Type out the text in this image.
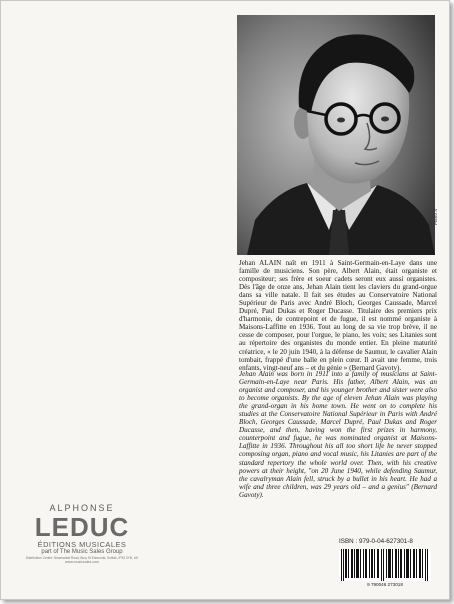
Photo X

Jehan ALAIN naît en 1911 à Saint-Germain-en-Laye dans une famille de musiciens. Son père, Albert Alain, était organiste et compositeur; ses frère et soeur cadets seront eux aussi organistes. Dès l'âge de onze ans, Jehan Alain tient les claviers du grand-orgue dans sa ville natale. Il fait ses études au Conservatoire National Supérieur de Paris avec André Bloch, Georges Caussade, Marcel Dupré, Paul Dukas et Roger Ducasse. Titulaire des premiers prix d'harmonie, de contrepoint et de fugue, il est nommé organiste à Maisons-Laffitte en 1936. Tout au long de sa vie trop brève, il ne cesse de composer, pour l'orgue, le piano, les voix; ses Litanies sont au répertoire des organistes du monde entier. En pleine maturité créatrice, « le 20 juin 1940, à la défense de Saumur, le cavalier Alain tombait, frappé d'une balle en plein cœur. Il avait une femme, trois enfants, vingt-neuf ans – et du génie » (Bernard Gavoty).

Jehan Alain was born in 1911 into a family of musicians at Saint-Germain-en-Laye near Paris. His father, Albert Alain, was an organist and composer, and his younger brother and sister were also to become organists. By the age of eleven Jehan Alain was playing the grand-organ in his home town. He went on to complete his studies at the Conservatoire National Supérieur in Paris with André Bloch, Georges Caussade, Marcel Dupré, Paul Dukas and Roger Ducasse, and then, having won the first prizes in harmony, counterpoint and fugue, he was nominated organist at Maisons-Laffitte in 1936. Throughout his all too short life he never stopped composing organ, piano and vocal music, his Litanies are part of the standard repertory the whole world over. Then, with his creative powers at their height, "on 20 June 1940, while defending Saumur, the cavalryman Alain fell, struck by a bullet in his heart. He had a wife and three children, was 29 years old – and a genius" (Bernard Gavoty).

ALPHONSE
LEDUC
ÉDITIONS MUSICALES
part of The Music Sales Group
Distribution Centre: Newmarket Road, Bury St Edmunds, Suffolk, IP33 3YB, UK
www.musicsales.com
ISBN : 979-0-04-627301-8
9 790046 273018
